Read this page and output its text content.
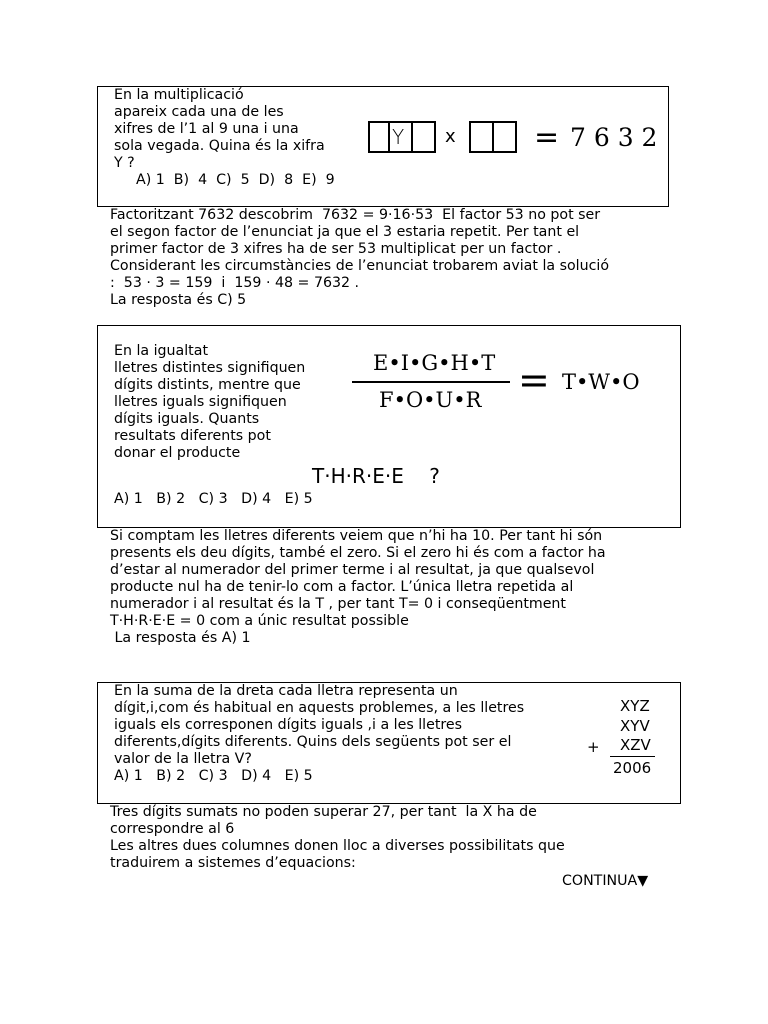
En la multiplicació
apareix cada una de les
xifres de l’1 al 9 una i una
sola vegada. Quina és la xifra
Y ?
A) 1  B)  4  C)  5  D)  8  E)  9
Y x	= 7 6 3 2
Factoritzant 7632 descobrim  7632 = 9·16·53  El factor 53 no pot ser
el segon factor de l’enunciat ja que el 3 estaria repetit. Per tant el
primer factor de 3 xifres ha de ser 53 multiplicat per un factor .
Considerant les circumstàncies de l’enunciat trobarem aviat la solució
:  53 · 3 = 159  i  159 · 48 = 7632 .
La resposta és C) 5
En la igualtat
lletres distintes signifiquen
dígits distints, mentre que
lletres iguals signifiquen
dígits iguals. Quants
resultats diferents pot
donar el producte
E•I•G•H•T
F•O•U•R = T•W•O
T·H·R·E·E    ?
A) 1   B) 2   C) 3   D) 4   E) 5
Si comptam les lletres diferents veiem que n’hi ha 10. Per tant hi són
presents els deu dígits, també el zero. Si el zero hi és com a factor ha
d’estar al numerador del primer terme i al resultat, ja que qualsevol
producte nul ha de tenir-lo com a factor. L’única lletra repetida al
numerador i al resultat és la T , per tant T= 0 i conseqüentment
T·H·R·E·E = 0 com a únic resultat possible
La resposta és A) 1
En la suma de la dreta cada lletra representa un
dígit,i,com és habitual en aquests problemes, a les lletres
iguals els corresponen dígits iguals ,i a les lletres
diferents,dígits diferents. Quins dels següents pot ser el
valor de la lletra V?
A) 1   B) 2   C) 3   D) 4   E) 5
XYZ
XYV
+ XZV
2006
Tres dígits sumats no poden superar 27, per tant  la X ha de
correspondre al 6
Les altres dues columnes donen lloc a diverses possibilitats que
traduirem a sistemes d’equacions:
CONTINUA▼
